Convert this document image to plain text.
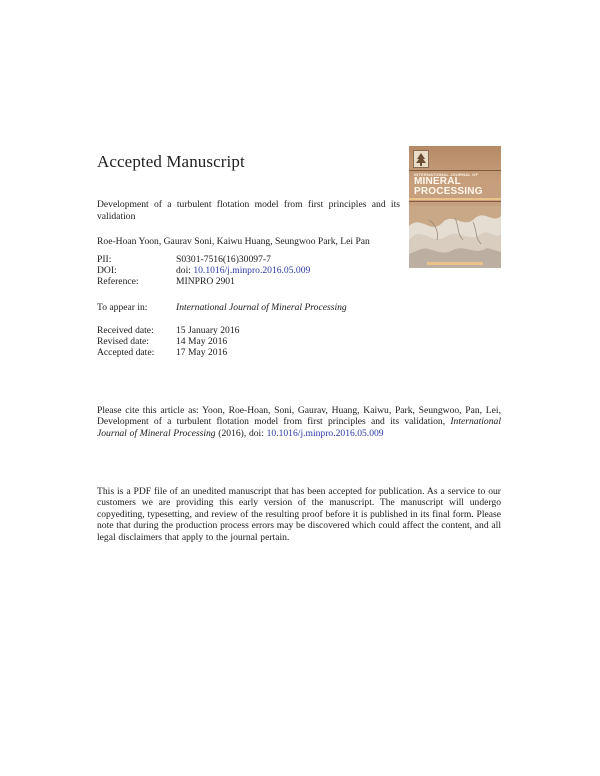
Accepted Manuscript
Development of a turbulent flotation model from first principles and its validation
Roe-Hoan Yoon, Gaurav Soni, Kaiwu Huang, Seungwoo Park, Lei Pan
PII:	S0301-7516(16)30097-7
DOI:	doi: 10.1016/j.minpro.2016.05.009
Reference:	MINPRO 2901
To appear in:	International Journal of Mineral Processing
Received date:	15 January 2016
Revised date:	14 May 2016
Accepted date:	17 May 2016
Please cite this article as: Yoon, Roe-Hoan, Soni, Gaurav, Huang, Kaiwu, Park, Seungwoo, Pan, Lei, Development of a turbulent flotation model from first principles and its validation, International Journal of Mineral Processing (2016), doi: 10.1016/j.minpro.2016.05.009
This is a PDF file of an unedited manuscript that has been accepted for publication. As a service to our customers we are providing this early version of the manuscript. The manuscript will undergo copyediting, typesetting, and review of the resulting proof before it is published in its final form. Please note that during the production process errors may be discovered which could affect the content, and all legal disclaimers that apply to the journal pertain.
INTERNATIONAL JOURNAL OF
MINERAL
PROCESSING
